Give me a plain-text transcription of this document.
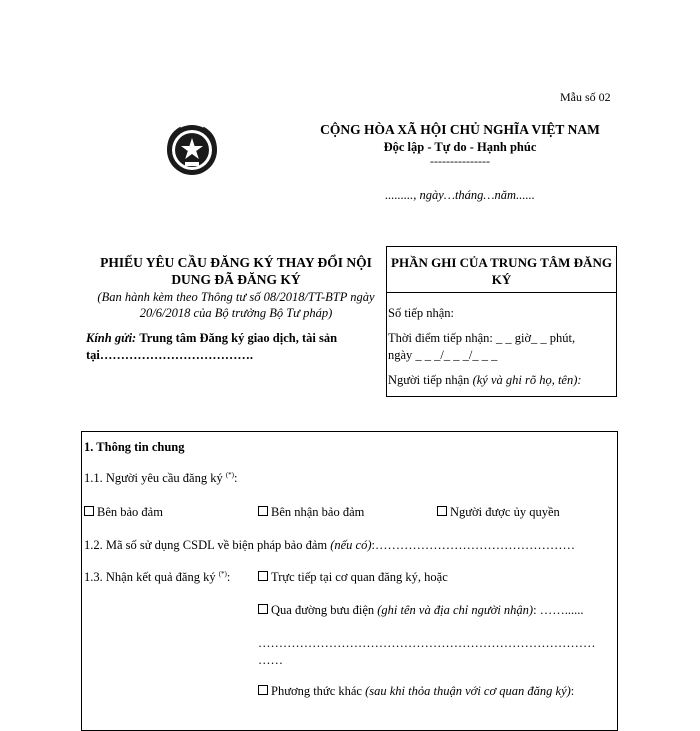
Mẫu số 02
CỘNG HÒA XÃ HỘI CHỦ NGHĨA VIỆT NAM
Độc lập - Tự do - Hạnh phúc
---------------
........., ngày…tháng…năm......
PHIẾU YÊU CẦU ĐĂNG KÝ THAY ĐỔI NỘI DUNG ĐÃ ĐĂNG KÝ
(Ban hành kèm theo Thông tư số 08/2018/TT-BTP ngày 20/6/2018 của Bộ trưởng Bộ Tư pháp)
Kính gửi: Trung tâm Đăng ký giao dịch, tài sản tại……………………………….
PHẦN GHI CỦA TRUNG TÂM ĐĂNG KÝ
Số tiếp nhận:
Thời điểm tiếp nhận: _ _ giờ_ _ phút,
ngày _ _ _/_ _ _/_ _ _
Người tiếp nhận (ký và ghi rõ họ, tên):
1. Thông tin chung
1.1. Người yêu cầu đăng ký (*):
Bên bảo đảm	Bên nhận bảo đảm	Người được ủy quyền
1.2. Mã số sử dụng CSDL về biện pháp bảo đảm (nếu có):…………………………………………
1.3. Nhận kết quả đăng ký (*):	Trực tiếp tại cơ quan đăng ký, hoặc
Qua đường bưu điện (ghi tên và địa chỉ người nhận): ……......
………………………………………………………………………
……
Phương thức khác (sau khi thỏa thuận với cơ quan đăng ký):
